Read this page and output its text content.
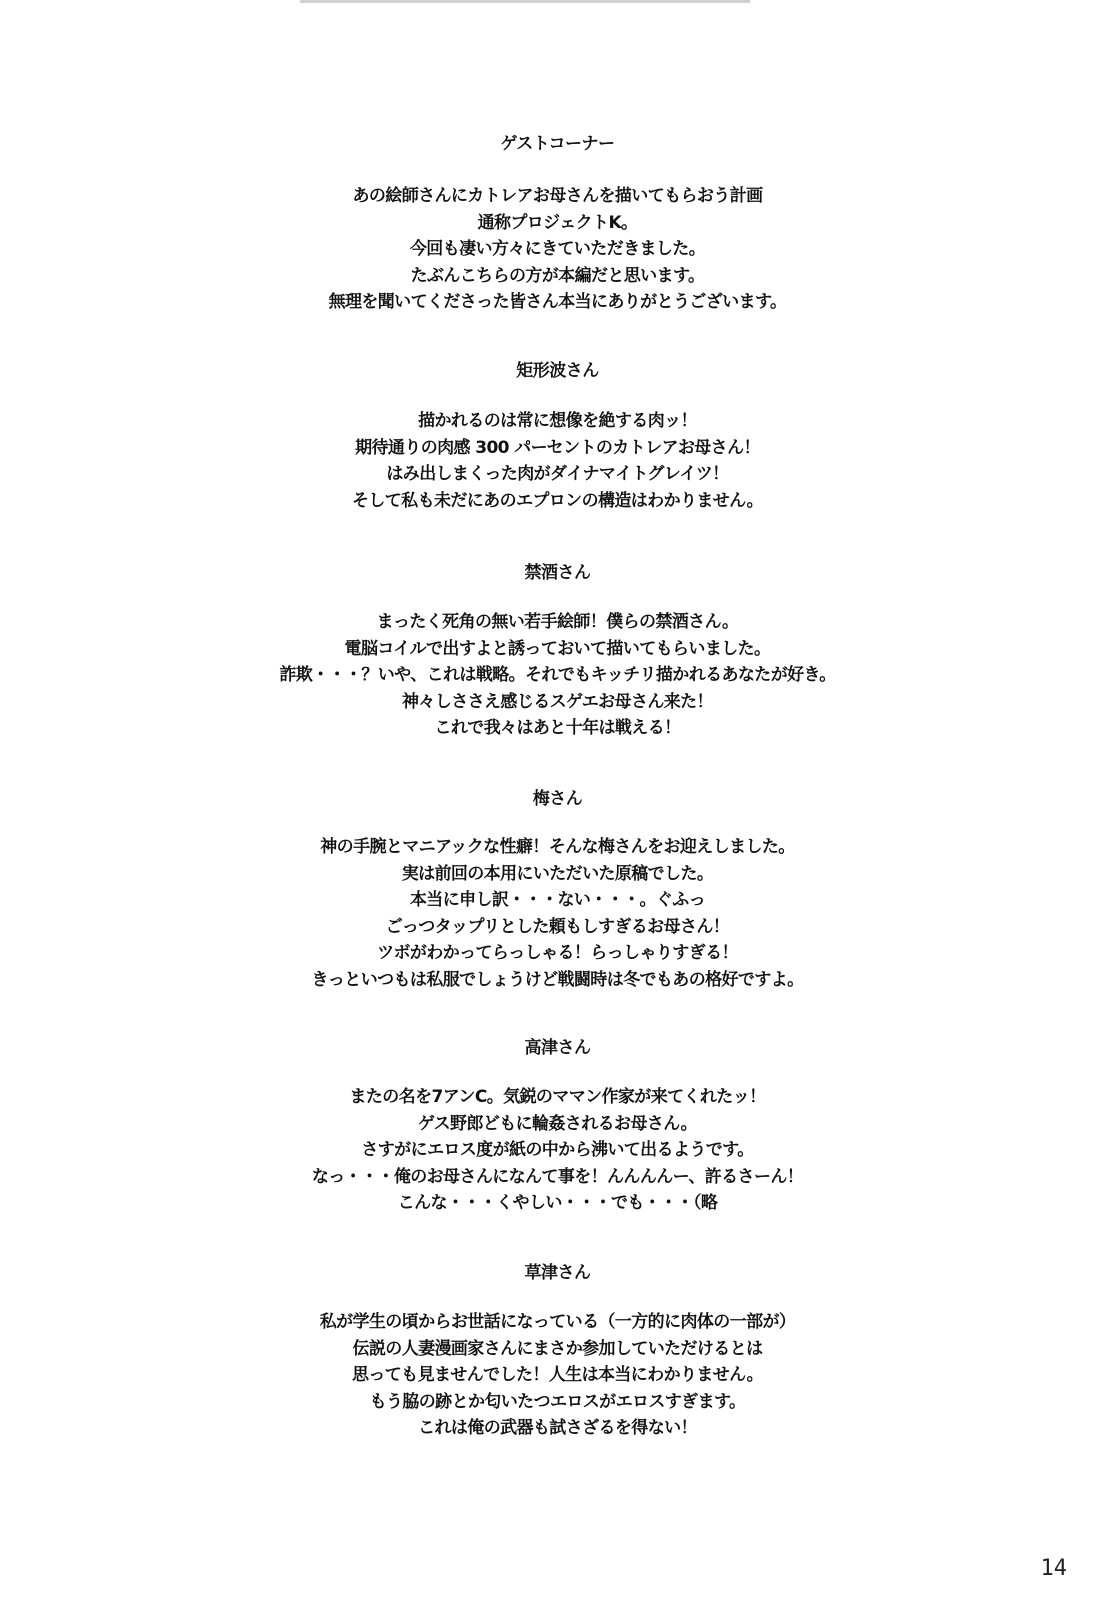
ゲストコーナー
あの絵師さんにカトレアお母さんを描いてもらおう計画
通称プロジェクトK。
今回も凄い方々にきていただきました。
たぶんこちらの方が本編だと思います。
無理を聞いてくださった皆さん本当にありがとうございます。
矩形波さん
描かれるのは常に想像を絶する肉ッ！
期待通りの肉感 300 パーセントのカトレアお母さん！
はみ出しまくった肉がダイナマイトグレイツ！
そして私も未だにあのエプロンの構造はわかりません。
禁酒さん
まったく死角の無い若手絵師！僕らの禁酒さん。
電脳コイルで出すよと誘っておいて描いてもらいました。
詐欺・・・？いや、これは戦略。それでもキッチリ描かれるあなたが好き。
神々しささえ感じるスゲエお母さん来た！
これで我々はあと十年は戦える！
梅さん
神の手腕とマニアックな性癖！そんな梅さんをお迎えしました。
実は前回の本用にいただいた原稿でした。
本当に申し訳・・・ない・・・。ぐふっ
ごっつタップリとした頼もしすぎるお母さん！
ツボがわかってらっしゃる！らっしゃりすぎる！
きっといつもは私服でしょうけど戦闘時は冬でもあの格好ですよ。
高津さん
またの名を7アンC。気鋭のママン作家が来てくれたッ！
ゲス野郎どもに輪姦されるお母さん。
さすがにエロス度が紙の中から沸いて出るようです。
なっ・・・俺のお母さんになんて事を！んんんんー、許るさーん！
こんな・・・くやしい・・・でも・・・（略
草津さん
私が学生の頃からお世話になっている（一方的に肉体の一部が）
伝説の人妻漫画家さんにまさか参加していただけるとは
思っても見ませんでした！人生は本当にわかりません。
もう脇の跡とか匂いたつエロスがエロスすぎます。
これは俺の武器も試さざるを得ない！
14
